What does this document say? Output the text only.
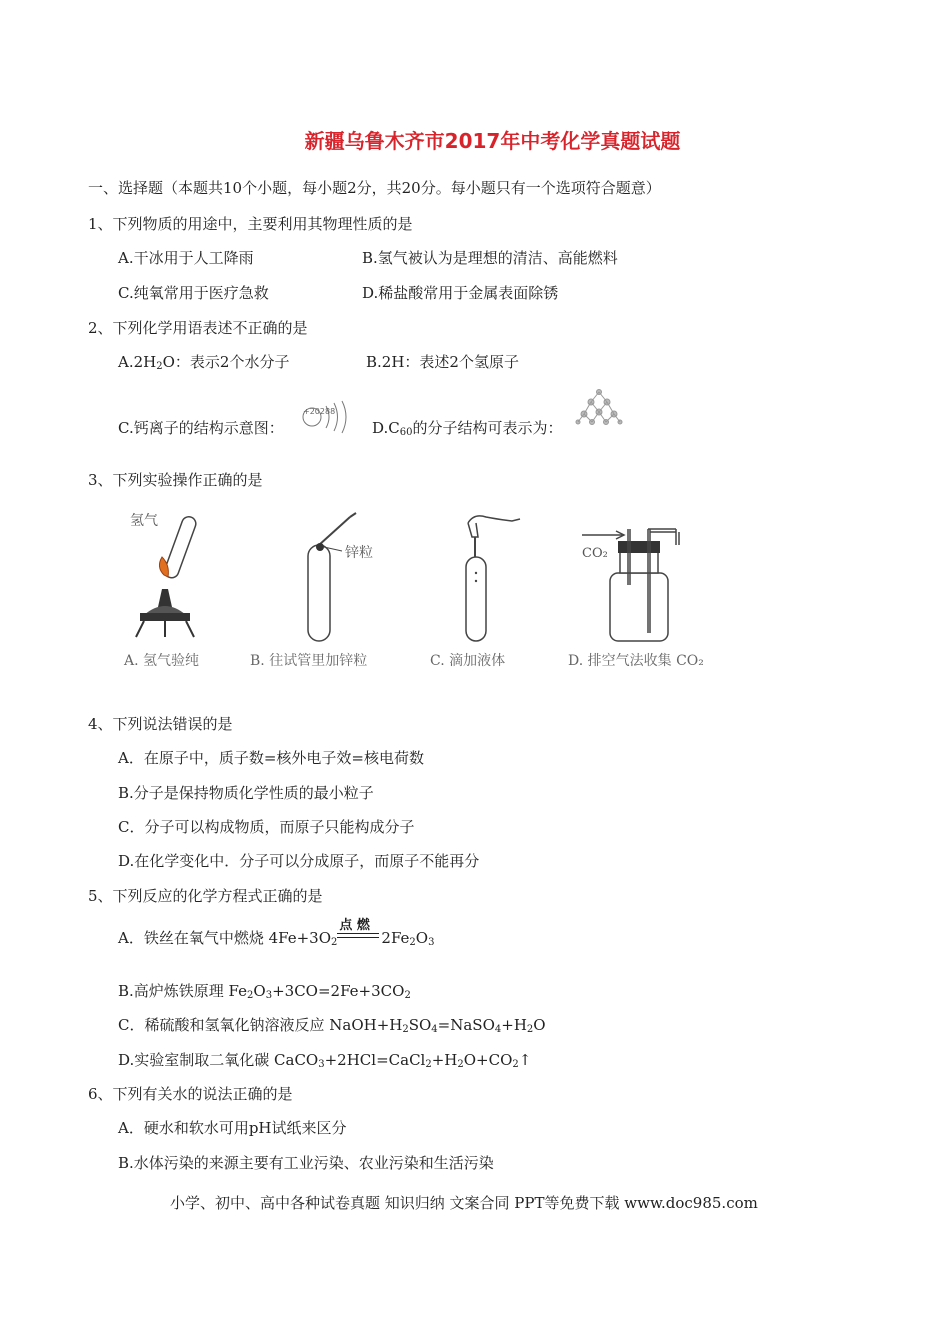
新疆乌鲁木齐市2017年中考化学真题试题
一、选择题（本题共10个小题，每小题2分，共20分。每小题只有一个选项符合题意）
1、下列物质的用途中，主要利用其物理性质的是
A.干冰用于人工降雨	B.氢气被认为是理想的清洁、高能燃料
C.纯氧常用于医疗急救	D.稀盐酸常用于金属表面除锈
2、下列化学用语表述不正确的是
$A.2H_2O$：表示2个水分子	B.2H：表述2个氢原子
C.钙离子的结构示意图：
+20288
$D.C_{60}$的分子结构可表示为：
3、下列实验操作正确的是
氢气
锌粒	CO₂
A. 氢气验纯	B. 往试管里加锌粒	C. 滴加液体	D. 排空气法收集 CO₂
4、下列说法错误的是
A．在原子中，质子数=核外电子效=核电荷数
B.分子是保持物质化学性质的最小粒子
C．分子可以构成物质，而原子只能构成分子
D.在化学变化中．分子可以分成原子，而原子不能再分
5、下列反应的化学方程式正确的是
A．铁丝在氧气中燃烧 $4Fe+3O_2$
点 燃
$2Fe_2O_3$
B.高炉炼铁原理 $Fe_2O_3+3CO=2Fe+3CO_2$
C．稀硫酸和氢氧化钠溶液反应 $NaOH+H_2SO_4=NaSO_4+H_2O$
D.实验室制取二氧化碳 $CaCO_3+2HCl=CaCl_2+H_2O+CO_2↑$
6、下列有关水的说法正确的是
A．硬水和软水可用pH试纸来区分
B.水体污染的来源主要有工业污染、农业污染和生活污染
小学、初中、高中各种试卷真题 知识归纳 文案合同 PPT等免费下载 www.doc985.com
